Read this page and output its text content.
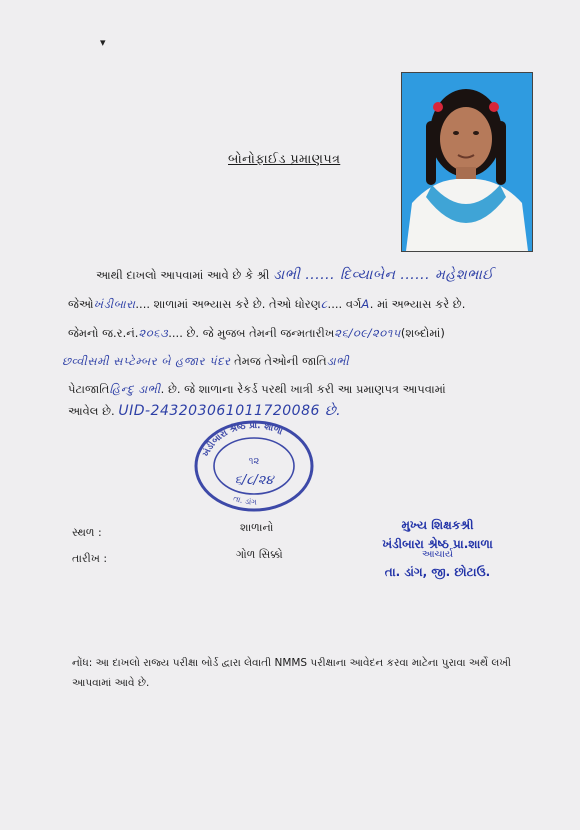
▾
બોનોફાઈડ પ્રમાણપત્ર
આથી દાખલો આપવામાં આવે છે કે શ્રી ડાભી ...... દિવ્યાબેન ...... મહેશભાઈ
જેઓખંડીબારા.... શાળામાં અભ્યાસ કરે છે. તેઓ ધોરણ૮.... વર્ગA. માં અભ્યાસ કરે છે.
જેમનો જ.ર.નં.૨૦૬૩.... છે. જે મુજબ તેમની જન્મતારીખ૨૬/૦૯/૨૦૧૫(શબ્દોમાં)
છવ્વીસમી સપ્ટેમ્બર બે હજાર પંદર તેમજ તેઓની જાતિડાભી
પેટાજાતિહિન્દુ ડાભી. છે. જે શાળાના રેકર્ડ પરથી ખાત્રી કરી આ પ્રમાણપત્ર આપવામાં
આવેલ છે. UID-243203061011720086 છે.
ખંડીબારા શ્રેષ્ઠ પ્રા. શાળા
તા. ડાંગ
૧૨
૬/૮/૨૪
સ્થળ :
તારીખ :
શાળાનો
ગોળ સિક્કો
મુખ્ય શિક્ષકશ્રી
ખંડીબારા શ્રેષ્ઠ પ્રા.શાળા
આચાર્ય
તા. ડાંગ, જી. છોટાઉ.
નોંધ: આ દાખલો રાજ્ય પરીક્ષા બોર્ડ દ્વારા લેવાતી NMMS પરીક્ષાના આવેદન કરવા માટેના પુરાવા અર્થે લખી આપવામાં આવે છે.
